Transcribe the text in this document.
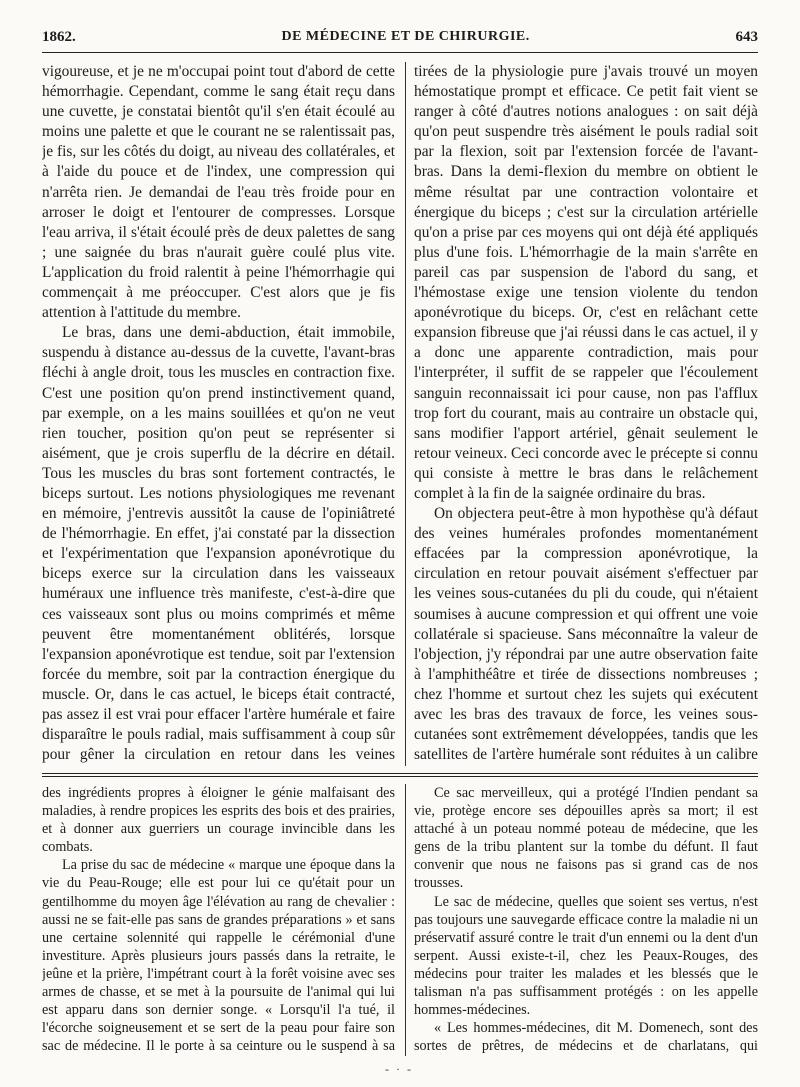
1862.	DE MÉDECINE ET DE CHIRURGIE.	643

vigoureuse, et je ne m'occupai point tout d'abord de cette hémorrhagie. Cependant, comme le sang était reçu dans une cuvette, je constatai bientôt qu'il s'en était écoulé au moins une palette et que le courant ne se ralentissait pas, je fis, sur les côtés du doigt, au niveau des collatérales, et à l'aide du pouce et de l'index, une compression qui n'arrêta rien. Je demandai de l'eau très froide pour en arroser le doigt et l'entourer de compresses. Lorsque l'eau arriva, il s'était écoulé près de deux palettes de sang ; une saignée du bras n'aurait guère coulé plus vite. L'application du froid ralentit à peine l'hémorrhagie qui commençait à me préoccuper. C'est alors que je fis attention à l'attitude du membre.

Le bras, dans une demi-abduction, était immobile, suspendu à distance au-dessus de la cuvette, l'avant-bras fléchi à angle droit, tous les muscles en contraction fixe. C'est une position qu'on prend instinctivement quand, par exemple, on a les mains souillées et qu'on ne veut rien toucher, position qu'on peut se représenter si aisément, que je crois superflu de la décrire en détail. Tous les muscles du bras sont fortement contractés, le biceps surtout. Les notions physiologiques me revenant en mémoire, j'entrevis aussitôt la cause de l'opiniâtreté de l'hémorrhagie. En effet, j'ai constaté par la dissection et l'expérimentation que l'expansion aponévrotique du biceps exerce sur la circulation dans les vaisseaux huméraux une influence très manifeste, c'est-à-dire que ces vaisseaux sont plus ou moins comprimés et même peuvent être momentanément oblitérés, lorsque l'expansion aponévrotique est tendue, soit par l'extension forcée du membre, soit par la contraction énergique du muscle. Or, dans le cas actuel, le biceps était contracté, pas assez il est vrai pour effacer l'artère humérale et faire disparaître le pouls radial, mais suffisamment à coup sûr pour gêner la circulation en retour dans les veines

tirées de la physiologie pure j'avais trouvé un moyen hémostatique prompt et efficace. Ce petit fait vient se ranger à côté d'autres notions analogues : on sait déjà qu'on peut suspendre très aisément le pouls radial soit par la flexion, soit par l'extension forcée de l'avant-bras. Dans la demi-flexion du membre on obtient le même résultat par une contraction volontaire et énergique du biceps ; c'est sur la circulation artérielle qu'on a prise par ces moyens qui ont déjà été appliqués plus d'une fois. L'hémorrhagie de la main s'arrête en pareil cas par suspension de l'abord du sang, et l'hémostase exige une tension violente du tendon aponévrotique du biceps. Or, c'est en relâchant cette expansion fibreuse que j'ai réussi dans le cas actuel, il y a donc une apparente contradiction, mais pour l'interpréter, il suffit de se rappeler que l'écoulement sanguin reconnaissait ici pour cause, non pas l'afflux trop fort du courant, mais au contraire un obstacle qui, sans modifier l'apport artériel, gênait seulement le retour veineux. Ceci concorde avec le précepte si connu qui consiste à mettre le bras dans le relâchement complet à la fin de la saignée ordinaire du bras.

On objectera peut-être à mon hypothèse qu'à défaut des veines humérales profondes momentanément effacées par la compression aponévrotique, la circulation en retour pouvait aisément s'effectuer par les veines sous-cutanées du pli du coude, qui n'étaient soumises à aucune compression et qui offrent une voie collatérale si spacieuse. Sans méconnaître la valeur de l'objection, j'y répondrai par une autre observation faite à l'amphithéâtre et tirée de dissections nombreuses ; chez l'homme et surtout chez les sujets qui exécutent avec les bras des travaux de force, les veines sous-cutanées sont extrêmement développées, tandis que les satellites de l'artère humérale sont réduites à un calibre

des ingrédients propres à éloigner le génie malfaisant des maladies, à rendre propices les esprits des bois et des prairies, et à donner aux guerriers un courage invincible dans les combats.

La prise du sac de médecine « marque une époque dans la vie du Peau-Rouge; elle est pour lui ce qu'était pour un gentilhomme du moyen âge l'élévation au rang de chevalier : aussi ne se fait-elle pas sans de grandes préparations » et sans une certaine solennité qui rappelle le cérémonial d'une investiture. Après plusieurs jours passés dans la retraite, le jeûne et la prière, l'impétrant court à la forêt voisine avec ses armes de chasse, et se met à la poursuite de l'animal qui lui est apparu dans son dernier songe. « Lorsqu'il l'a tué, il l'écorche soigneusement et se sert de la peau pour faire son sac de médecine. Il le porte à sa ceinture ou le suspend à sa

Ce sac merveilleux, qui a protégé l'Indien pendant sa vie, protège encore ses dépouilles après sa mort; il est attaché à un poteau nommé poteau de médecine, que les gens de la tribu plantent sur la tombe du défunt. Il faut convenir que nous ne faisons pas si grand cas de nos trousses.

Le sac de médecine, quelles que soient ses vertus, n'est pas toujours une sauvegarde efficace contre la maladie ni un préservatif assuré contre le trait d'un ennemi ou la dent d'un serpent. Aussi existe-t-il, chez les Peaux-Rouges, des médecins pour traiter les malades et les blessés que le talisman n'a pas suffisamment protégés : on les appelle hommes-médecines.

« Les hommes-médecines, dit M. Domenech, sont des sortes de prêtres, de médecins et de charlatans, qui

- · -
